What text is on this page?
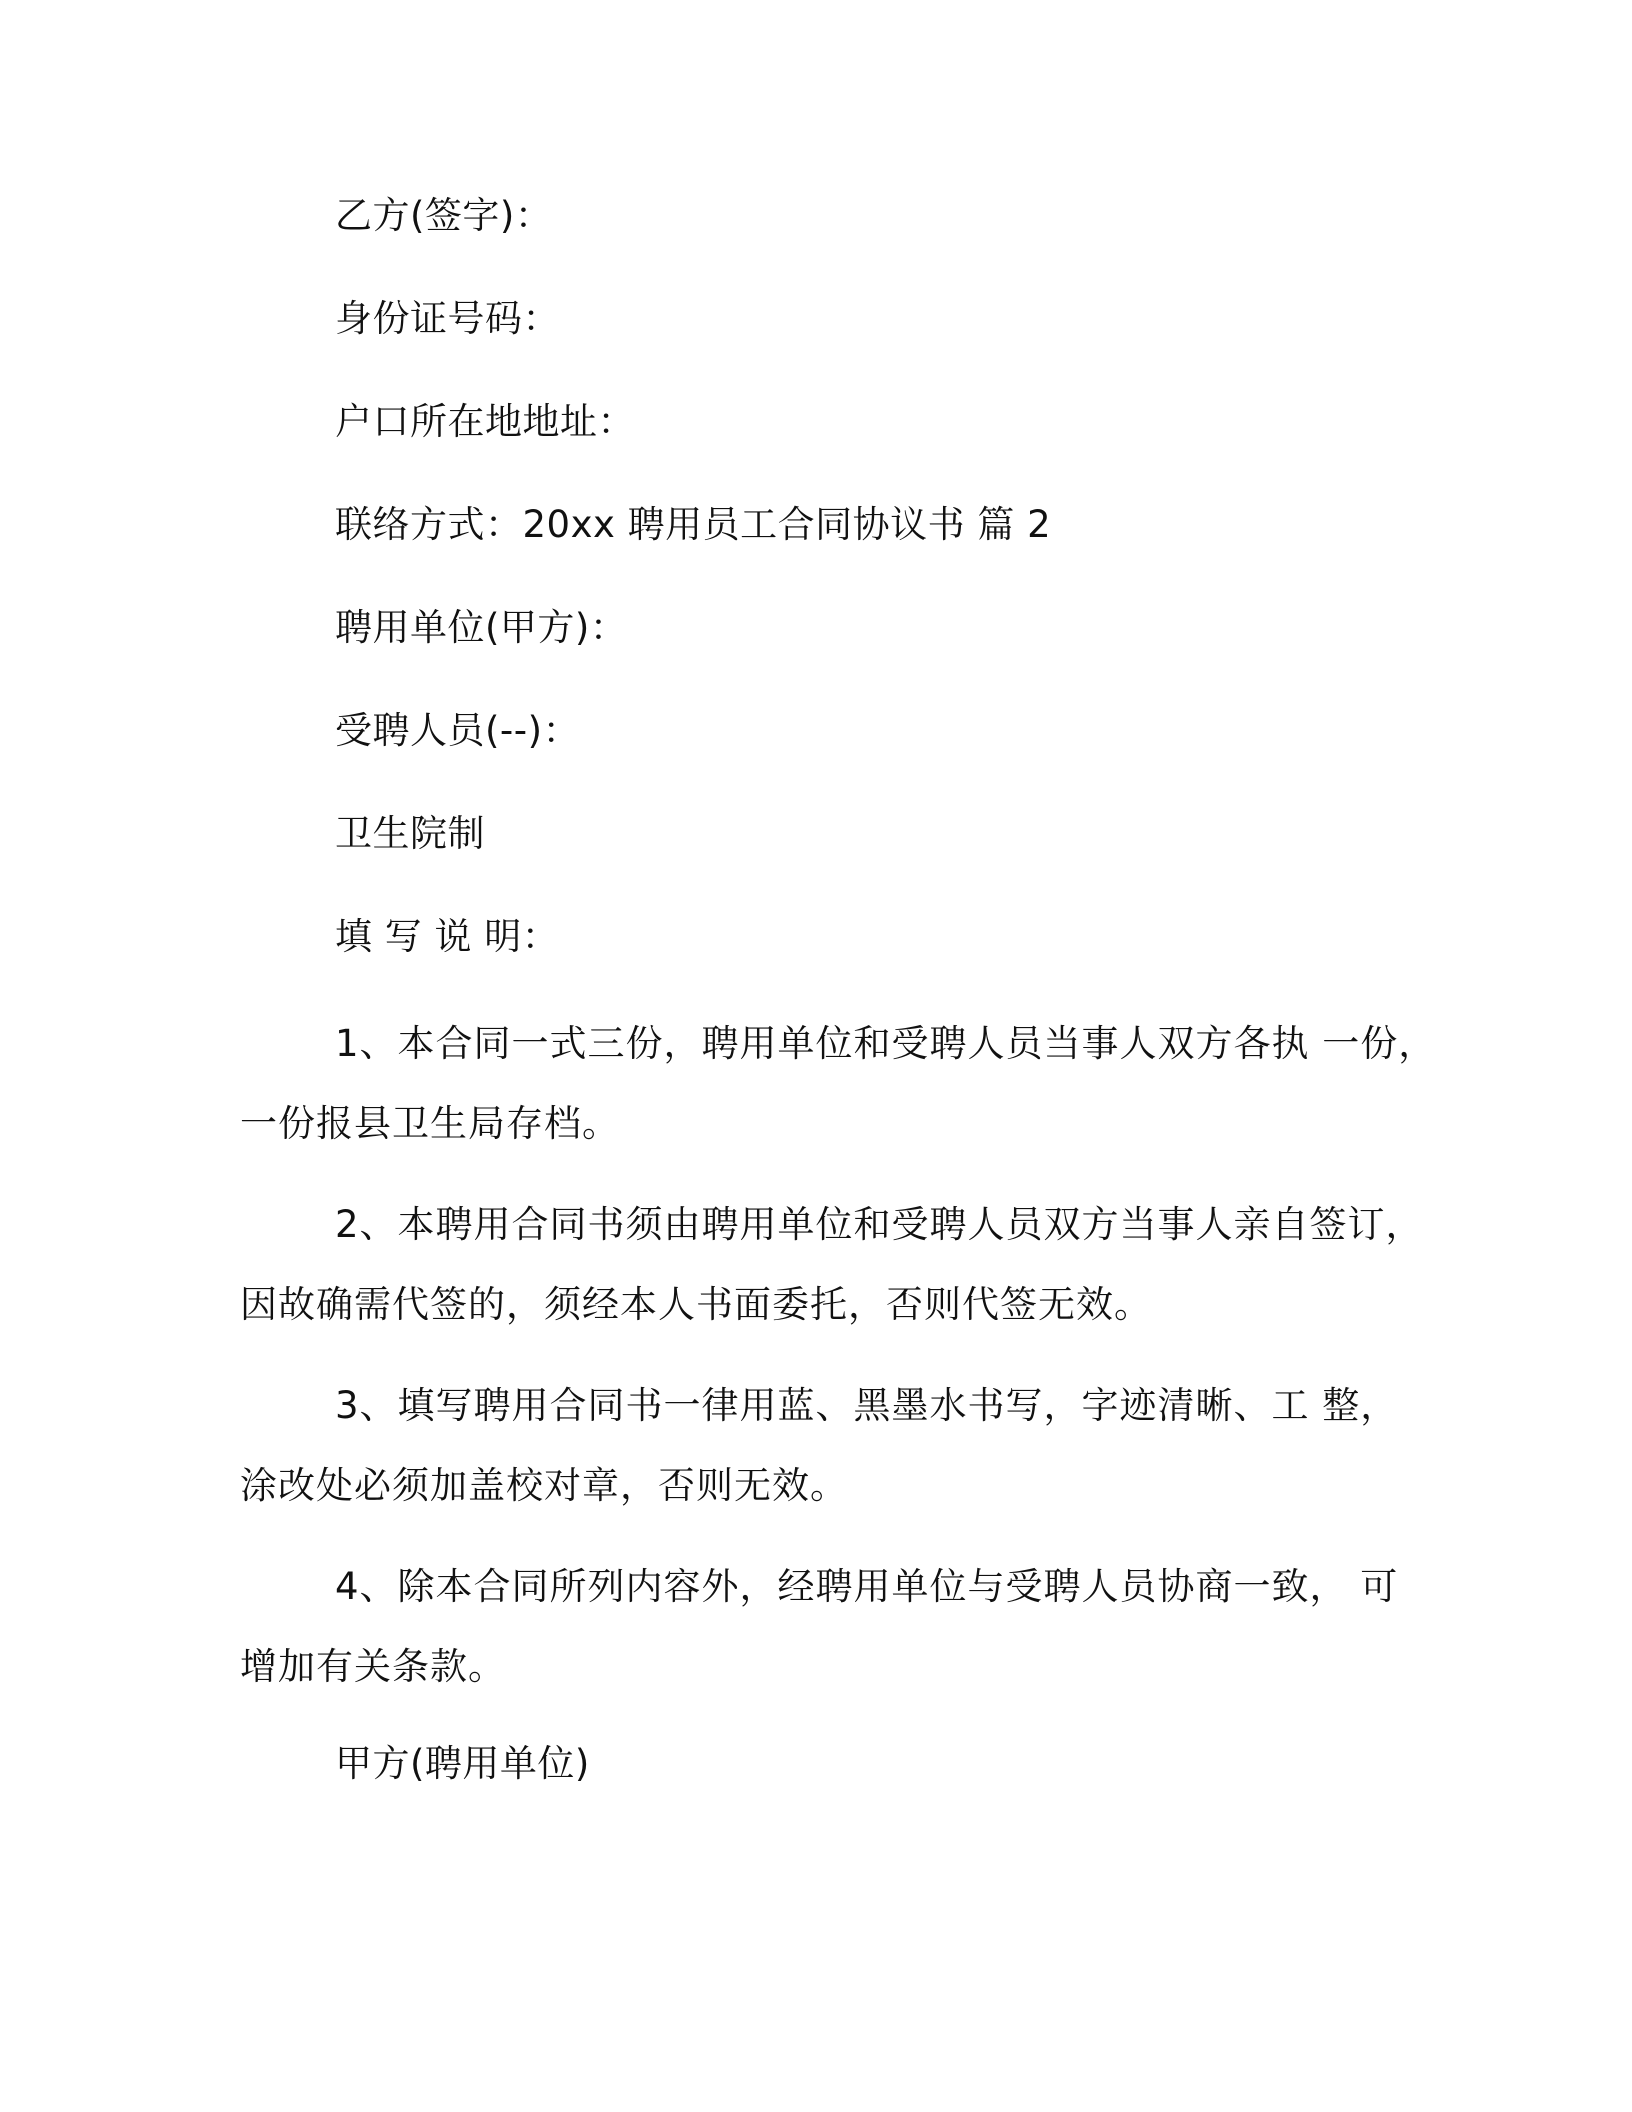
乙方(签字)：
身份证号码：
户口所在地地址：
联络方式：20xx 聘用员工合同协议书 篇 2
聘用单位(甲方)：
受聘人员(--)：
卫生院制
填 写 说 明：
1、本合同一式三份，聘用单位和受聘人员当事人双方各执 一份，
一份报县卫生局存档。
2、本聘用合同书须由聘用单位和受聘人员双方当事人亲自签订，
因故确需代签的，须经本人书面委托，否则代签无效。
3、填写聘用合同书一律用蓝、黑墨水书写，字迹清晰、工 整，
涂改处必须加盖校对章，否则无效。
4、除本合同所列内容外，经聘用单位与受聘人员协商一致， 可
增加有关条款。
甲方(聘用单位)
